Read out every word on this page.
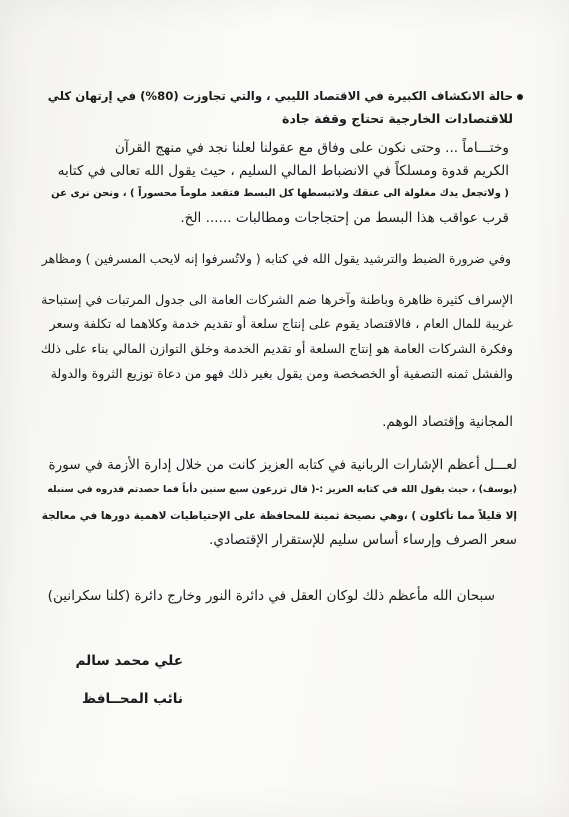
حالة الانكشاف الكبيرة في الاقتصاد الليبي ، والتي تجاوزت (80%) في إرتهان كلي
للاقتصادات الخارجية تحتاج وقفة جادة
وختـــاماً ... وحتى نكون على وفاق مع عقولنا لعلنا نجد في منهج القرآن
الكريم قدوة ومسلكاً في الانضباط المالي السليم ، حيث يقول الله تعالى في كتابه
( ولاتجعل يدك مغلولة الى عنقك ولاتبسطها كل البسط فتقعد ملوماً محسوراً ) ، ونحن نرى عن
قرب عواقب هذا البسط من إحتجاجات ومطالبات ...... الخ.
وفي ضرورة الضبط والترشيد يقول الله في كتابه ( ولاتُسرفوا إنه لايحب المسرفين ) ومظاهر
الإسراف كثيرة ظاهرة وباطنة وآخرها ضم الشركات العامة الى جدول المرتبات في إستباحة
غريبة للمال العام ، فالاقتصاد يقوم على إنتاج سلعة أو تقديم خدمة وكلاهما له تكلفة وسعر
وفكرة الشركات العامة هو إنتاج السلعة أو تقديم الخدمة وخلق التوازن المالي بناء على ذلك
والفشل ثمنه التصفية أو الخصخصة ومن يقول بغير ذلك فهو من دعاة توزيع الثروة والدولة
المجانية وإقتصاد الوهم.
لعـــل أعظم الإشارات الربانية في كتابه العزيز كانت من خلال إدارة الأزمة في سورة
(يوسف) ، حيث يقول الله في كتابه العزيز :-( قال تزرعون سبع سنين دأباً فما حصدتم فذروه في سنبله
إلا قليلاً مما تأكلون ) ،وهي نصيحة ثمينة للمحافظة على الإحتياطيات لاهمية دورها في معالجة
سعر الصرف وإرساء أساس سليم للإستقرار الإقتصادي.
سبحان الله مأعظم ذلك لوكان العقل في دائرة النور وخارج دائرة (كلنا سكرانين)
علي محمد سالم
نائب المحــافظ
